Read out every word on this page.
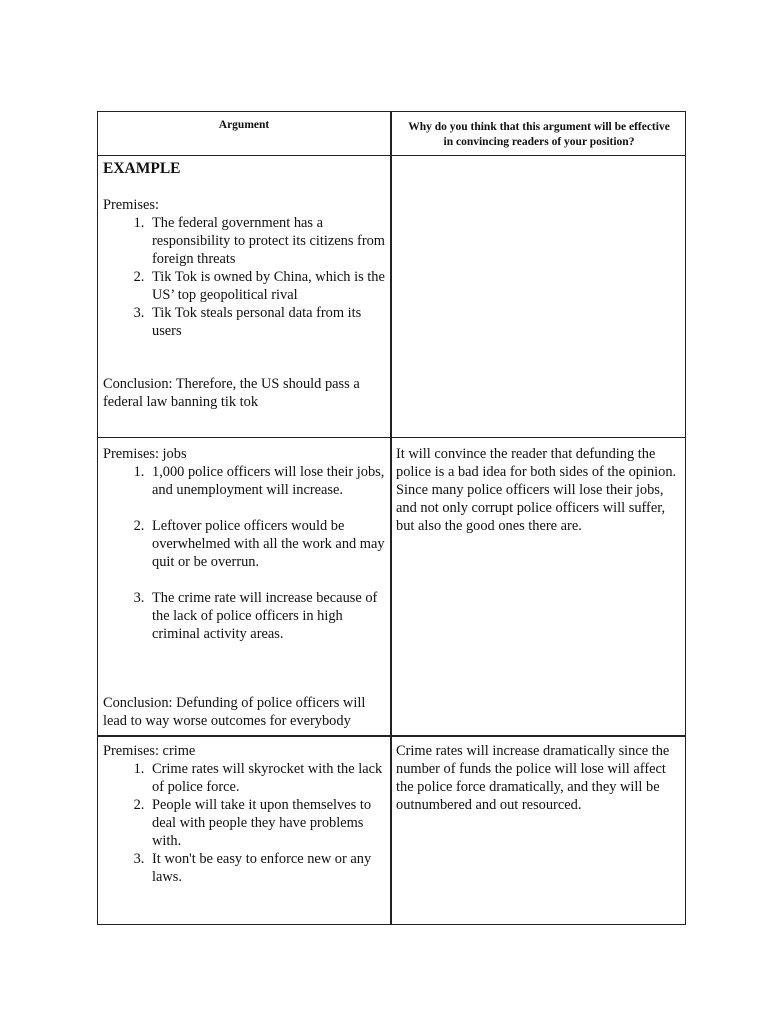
Argument	Why do you think that this argument will be effective in convincing readers of your position?

EXAMPLE

Premises:

1. The federal government has a responsibility to protect its citizens from foreign threats
2. Tik Tok is owned by China, which is the US’ top geopolitical rival
3. Tik Tok steals personal data from its users
Conclusion: Therefore, the US should pass a federal law banning tik tok

Premises: jobs

1. 1,000 police officers will lose their jobs, and unemployment will increase.
2. Leftover police officers would be overwhelmed with all the work and may quit or be overrun.
3. The crime rate will increase because of the lack of police officers in high criminal activity areas.
Conclusion: Defunding of police officers will lead to way worse outcomes for everybody
It will convince the reader that defunding the police is a bad idea for both sides of the opinion. Since many police officers will lose their jobs, and not only corrupt police officers will suffer, but also the good ones there are.

Premises: crime

1. Crime rates will skyrocket with the lack of police force.
2. People will take it upon themselves to deal with people they have problems with.
3. It won't be easy to enforce new or any laws.
Crime rates will increase dramatically since the number of funds the police will lose will affect the police force dramatically, and they will be outnumbered and out resourced.
